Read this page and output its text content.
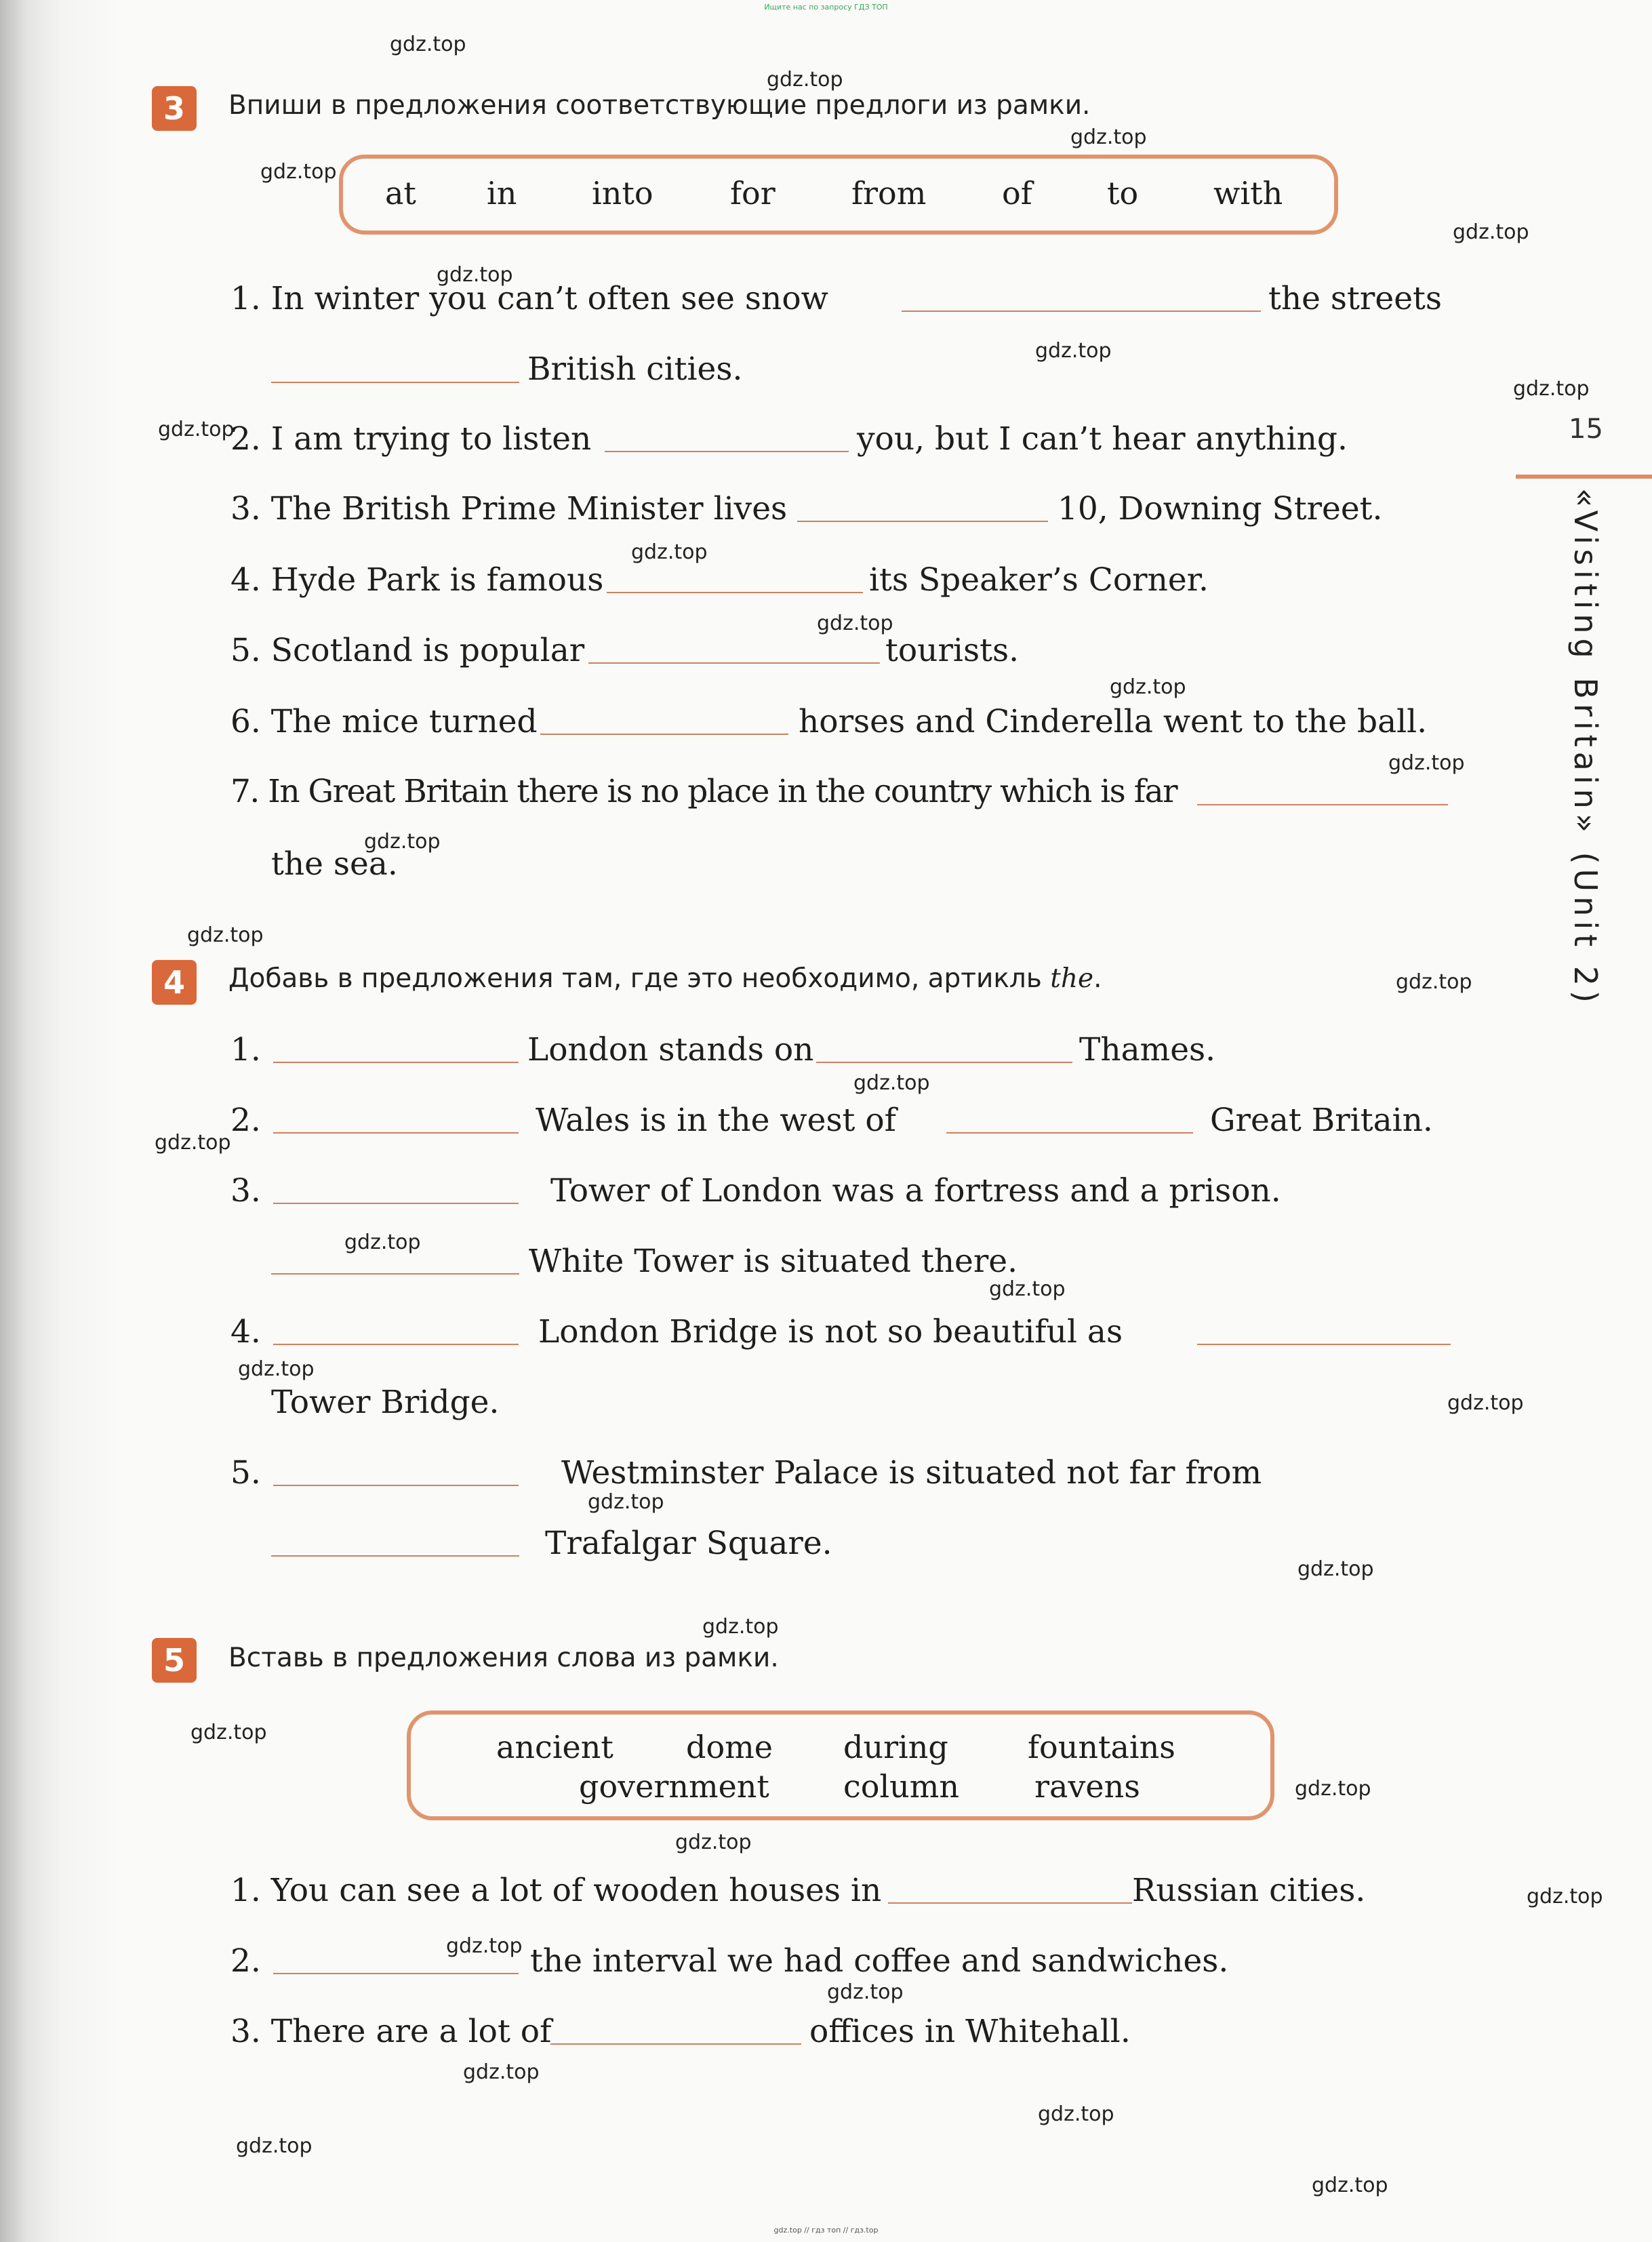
Ищите нас по запросу ГДЗ ТОП

gdz.top
gdz.top
gdz.top
gdz.top
gdz.top
gdz.top
gdz.top
gdz.top
gdz.top
gdz.top
gdz.top
gdz.top
gdz.top
gdz.top
gdz.top
gdz.top
gdz.top
gdz.top
gdz.top
gdz.top
gdz.top
gdz.top
gdz.top
gdz.top
gdz.top
gdz.top
gdz.top
gdz.top
gdz.top
gdz.top
gdz.top
gdz.top
gdz.top
gdz.top
gdz.top
15
«Visiting Britain» (Unit 2)
3	Впиши в предложения соответствующие предлоги из рамки.
at in into for from of to with
1. In winter you can’t often see snow	the streets
British cities.
2. I am trying to listen	you, but I can’t hear anything.
3. The British Prime Minister lives	10, Downing Street.
4. Hyde Park is famous	its Speaker’s Corner.
5. Scotland is popular	tourists.
6. The mice turned	horses and Cinderella went to the ball.
7. In Great Britain there is no place in the country which is far
the sea.
4	Добавь в предложения там, где это необходимо, артикль the.
1.	London stands on	Thames.
2.	Wales is in the west of	Great Britain.
3.	Tower of London was a fortress and a prison.
White Tower is situated there.
4.	London Bridge is not so beautiful as
Tower Bridge.
5.	Westminster Palace is situated not far from
Trafalgar Square.
5	Вставь в предложения слова из рамки.
ancient dome during	fountains
government column ravens
1. You can see a lot of wooden houses in	Russian cities.
2.	the interval we had coffee and sandwiches.
3. There are a lot of	offices in Whitehall.
gdz.top // гдз топ // гдз.top
